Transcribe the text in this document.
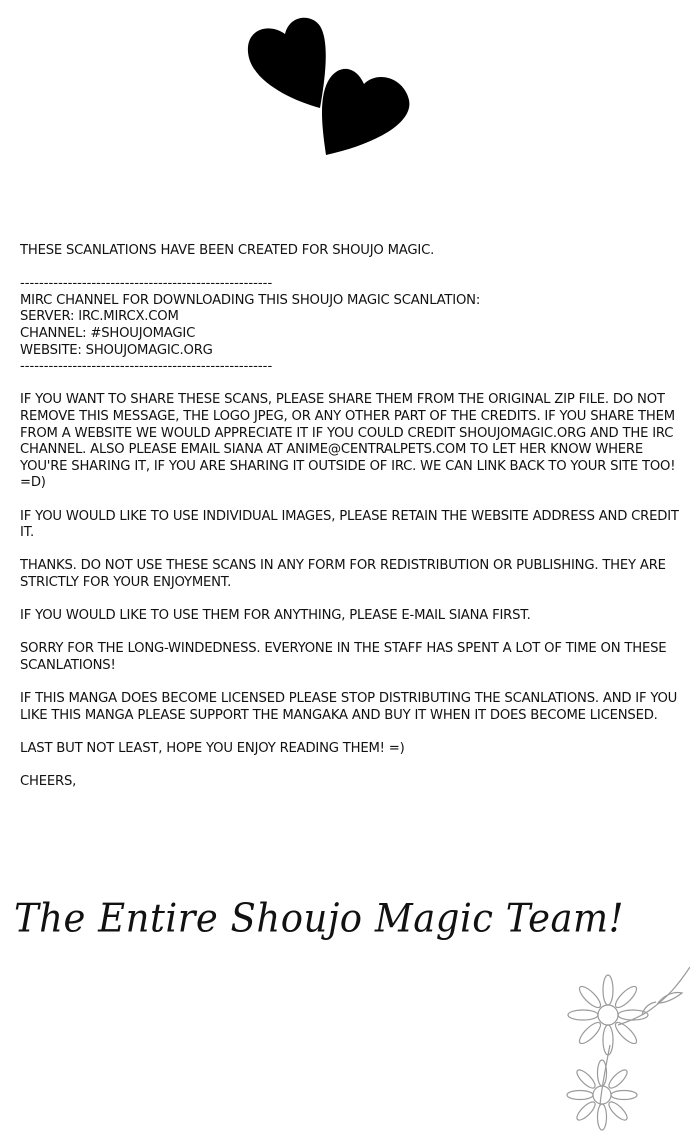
THESE SCANLATIONS HAVE BEEN CREATED FOR SHOUJO MAGIC.

-----------------------------------------------------

MIRC CHANNEL FOR DOWNLOADING THIS SHOUJO MAGIC SCANLATION:

SERVER: IRC.MIRCX.COM

CHANNEL: #SHOUJOMAGIC

WEBSITE: SHOUJOMAGIC.ORG

-----------------------------------------------------

IF YOU WANT TO SHARE THESE SCANS, PLEASE SHARE THEM FROM THE ORIGINAL ZIP FILE. DO NOT REMOVE THIS MESSAGE, THE LOGO JPEG, OR ANY OTHER PART OF THE CREDITS. IF YOU SHARE THEM FROM A WEBSITE WE WOULD APPRECIATE IT IF YOU COULD CREDIT SHOUJOMAGIC.ORG AND THE IRC CHANNEL. ALSO PLEASE EMAIL SIANA AT ANIME@CENTRALPETS.COM TO LET HER KNOW WHERE YOU'RE SHARING IT, IF YOU ARE SHARING IT OUTSIDE OF IRC. WE CAN LINK BACK TO YOUR SITE TOO! =D)

IF YOU WOULD LIKE TO USE INDIVIDUAL IMAGES, PLEASE RETAIN THE WEBSITE ADDRESS AND CREDIT IT.

THANKS. DO NOT USE THESE SCANS IN ANY FORM FOR REDISTRIBUTION OR PUBLISHING. THEY ARE STRICTLY FOR YOUR ENJOYMENT.

IF YOU WOULD LIKE TO USE THEM FOR ANYTHING, PLEASE E-MAIL SIANA FIRST.

SORRY FOR THE LONG-WINDEDNESS. EVERYONE IN THE STAFF HAS SPENT A LOT OF TIME ON THESE SCANLATIONS!

IF THIS MANGA DOES BECOME LICENSED PLEASE STOP DISTRIBUTING THE SCANLATIONS. AND IF YOU LIKE THIS MANGA PLEASE SUPPORT THE MANGAKA AND BUY IT WHEN IT DOES BECOME LICENSED.

LAST BUT NOT LEAST, HOPE YOU ENJOY READING THEM! =)

CHEERS,

The Entire Shoujo Magic Team!
